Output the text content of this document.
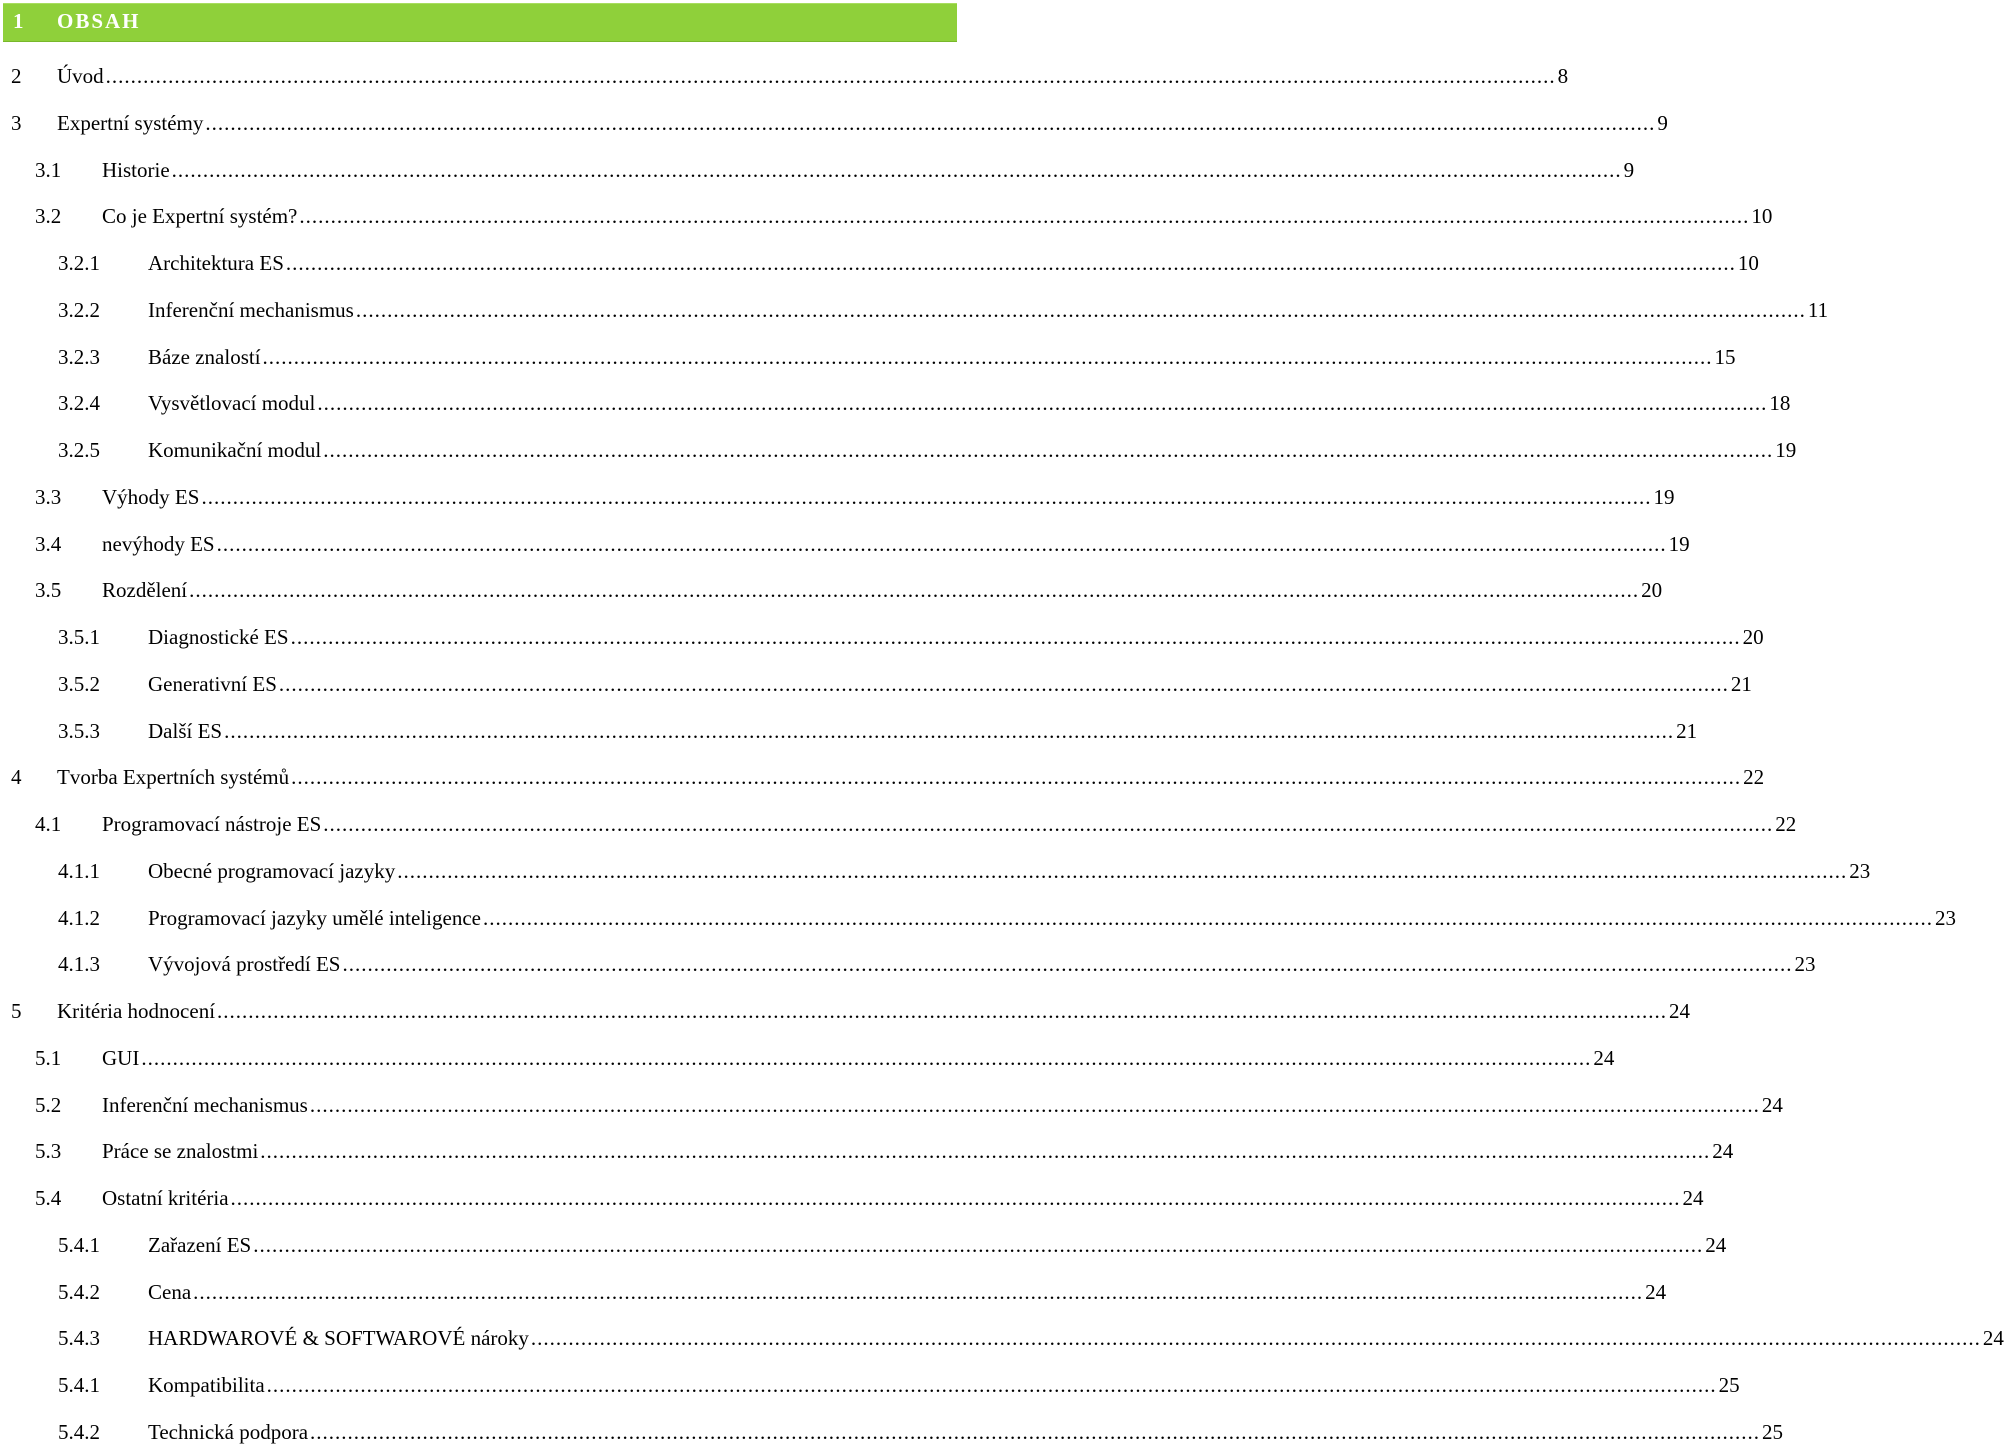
1 OBSAH
2	Úvod .....	8
3	Expertní systémy .....	9
3.1	Historie .....	9
3.2	Co je Expertní systém? .....	10
3.2.1	Architektura ES .....	10
3.2.2	Inferenční mechanismus .....	11
3.2.3	Báze znalostí .....	15
3.2.4	Vysvětlovací modul .....	18
3.2.5	Komunikační modul .....	19
3.3	Výhody ES .....	19
3.4	nevýhody ES .....	19
3.5	Rozdělení .....	20
3.5.1	Diagnostické ES .....	20
3.5.2	Generativní ES .....	21
3.5.3	Další ES .....	21
4	Tvorba Expertních systémů .....	22
4.1	Programovací nástroje ES .....	22
4.1.1	Obecné programovací jazyky .....	23
4.1.2	Programovací jazyky umělé inteligence .....	23
4.1.3	Vývojová prostředí ES .....	23
5	Kritéria hodnocení .....	24
5.1	GUI .....	24
5.2	Inferenční mechanismus .....	24
5.3	Práce se znalostmi .....	24
5.4	Ostatní kritéria .....	24
5.4.1	Zařazení ES .....	24
5.4.2	Cena .....	24
5.4.3	HARDWAROVÉ & SOFTWAROVÉ nároky .....	24
5.4.1	Kompatibilita .....	25
5.4.2	Technická podpora .....	25
